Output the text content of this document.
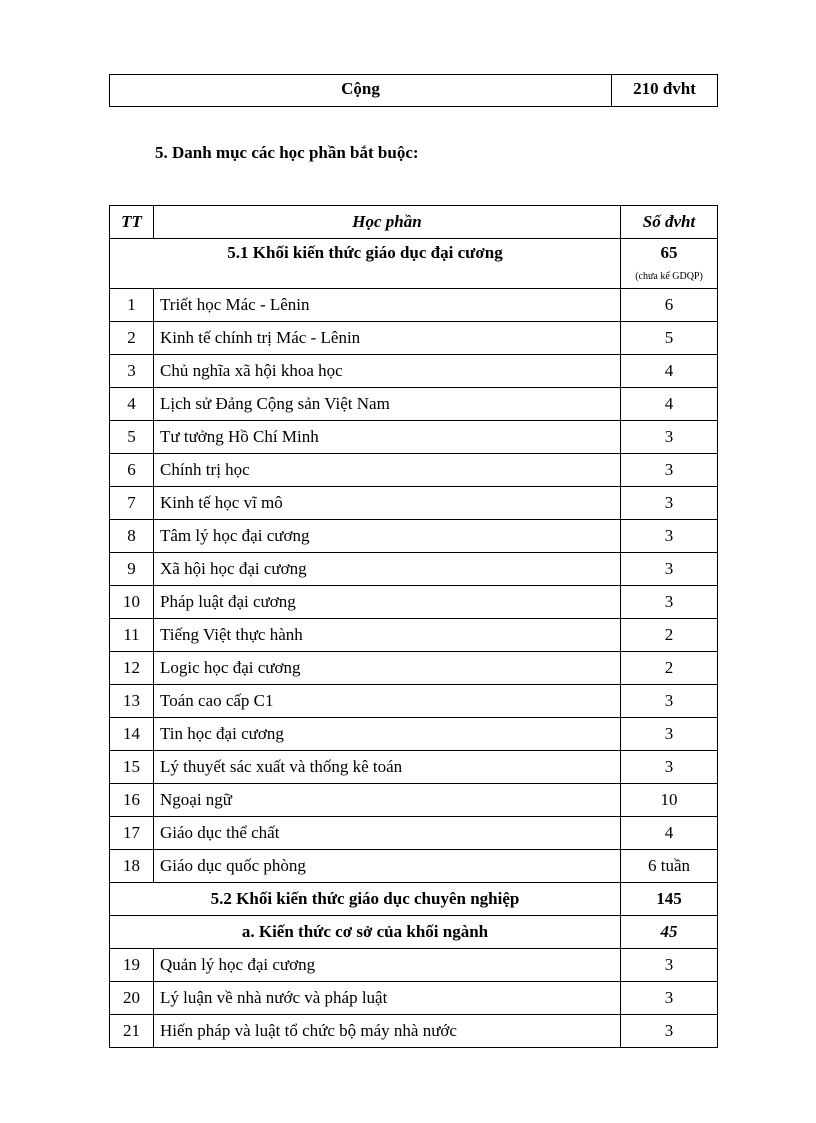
Cộng	210 đvht

5. Danh mục các học phần bắt buộc:

TT	Học phần	Số đvht
5.1 Khối kiến thức giáo dục đại cương		65
(chưa kể GDQP)

1	Triết học Mác - Lênin	6
2	Kinh tế chính trị Mác - Lênin	5
3	Chủ nghĩa xã hội khoa học	4
4	Lịch sử Đảng Cộng sản Việt Nam	4
5	Tư tưởng Hồ Chí Minh	3
6	Chính trị học	3
7	Kinh tế học vĩ mô	3
8	Tâm lý học đại cương	3
9	Xã hội học đại cương	3
10	Pháp luật đại cương	3
11	Tiếng Việt thực hành	2
12	Logic học đại cương	2
13	Toán cao cấp C1	3
14	Tin học đại cương	3
15	Lý thuyết sác xuất và thống kê toán	3
16	Ngoại ngữ	10
17	Giáo dục thể chất	4
18	Giáo dục quốc phòng	6 tuần
5.2 Khối kiến thức giáo dục chuyên nghiệp		145
a. Kiến thức cơ sở của khối ngành		45
19	Quản lý học đại cương	3
20	Lý luận về nhà nước và pháp luật	3
21	Hiến pháp và luật tổ chức bộ máy nhà nước	3
